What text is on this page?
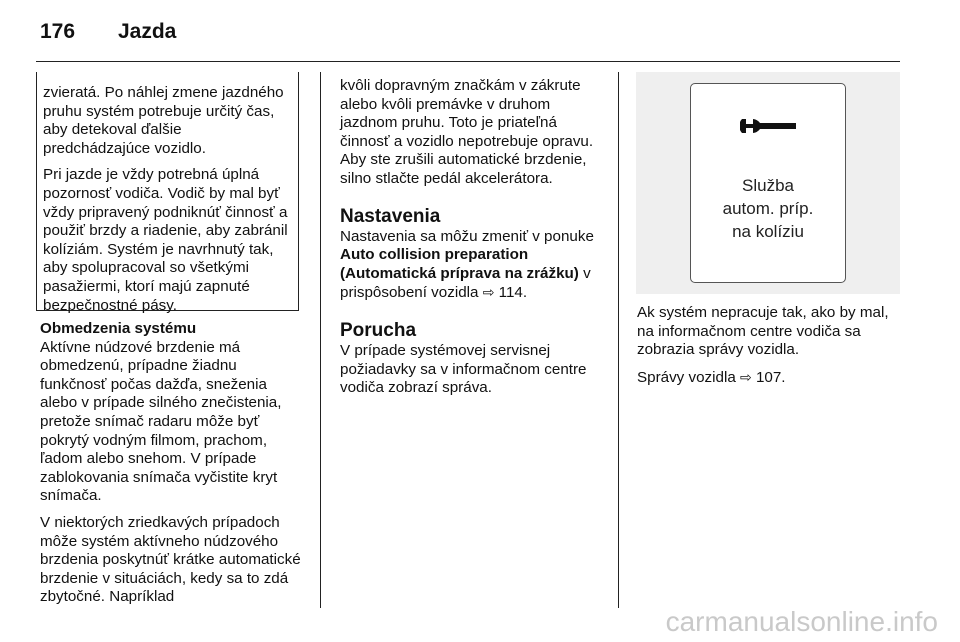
176 Jazda

zvieratá. Po náhlej zmene jazdného pruhu systém potrebuje určitý čas, aby detekoval ďalšie predchádzajúce vozidlo.

Pri jazde je vždy potrebná úplná pozornosť vodiča. Vodič by mal byť vždy pripravený podniknúť činnosť a použiť brzdy a riadenie, aby zabránil kolíziám. Systém je navrhnutý tak, aby spolupracoval so všetkými pasažiermi, ktorí majú zapnuté bezpečnostné pásy.

Obmedzenia systému

Aktívne núdzové brzdenie má obmedzenú, prípadne žiadnu funkčnosť počas dažďa, sneženia alebo v prípade silného znečistenia, pretože snímač radaru môže byť pokrytý vodným filmom, prachom, ľadom alebo snehom. V prípade zablokovania snímača vyčistite kryt snímača.

V niektorých zriedkavých prípadoch môže systém aktívneho núdzového brzdenia poskytnúť krátke automatické brzdenie v situáciách, kedy sa to zdá zbytočné. Napríklad

kvôli dopravným značkám v zákrute alebo kvôli premávke v druhom jazdnom pruhu. Toto je priateľná činnosť a vozidlo nepotrebuje opravu. Aby ste zrušili automatické brzdenie, silno stlačte pedál akcelerátora.

Nastavenia

Nastavenia sa môžu zmeniť v ponuke
Auto collision preparation
(Automatická príprava na zrážku) v prispôsobení vozidla ⇨ 114.

Porucha

V prípade systémovej servisnej požiadavky sa v informačnom centre vodiča zobrazí správa.

Služba
autom. príp.
na kolíziu

Ak systém nepracuje tak, ako by mal, na informačnom centre vodiča sa zobrazia správy vozidla.

Správy vozidla ⇨ 107.

carmanualsonline.info
